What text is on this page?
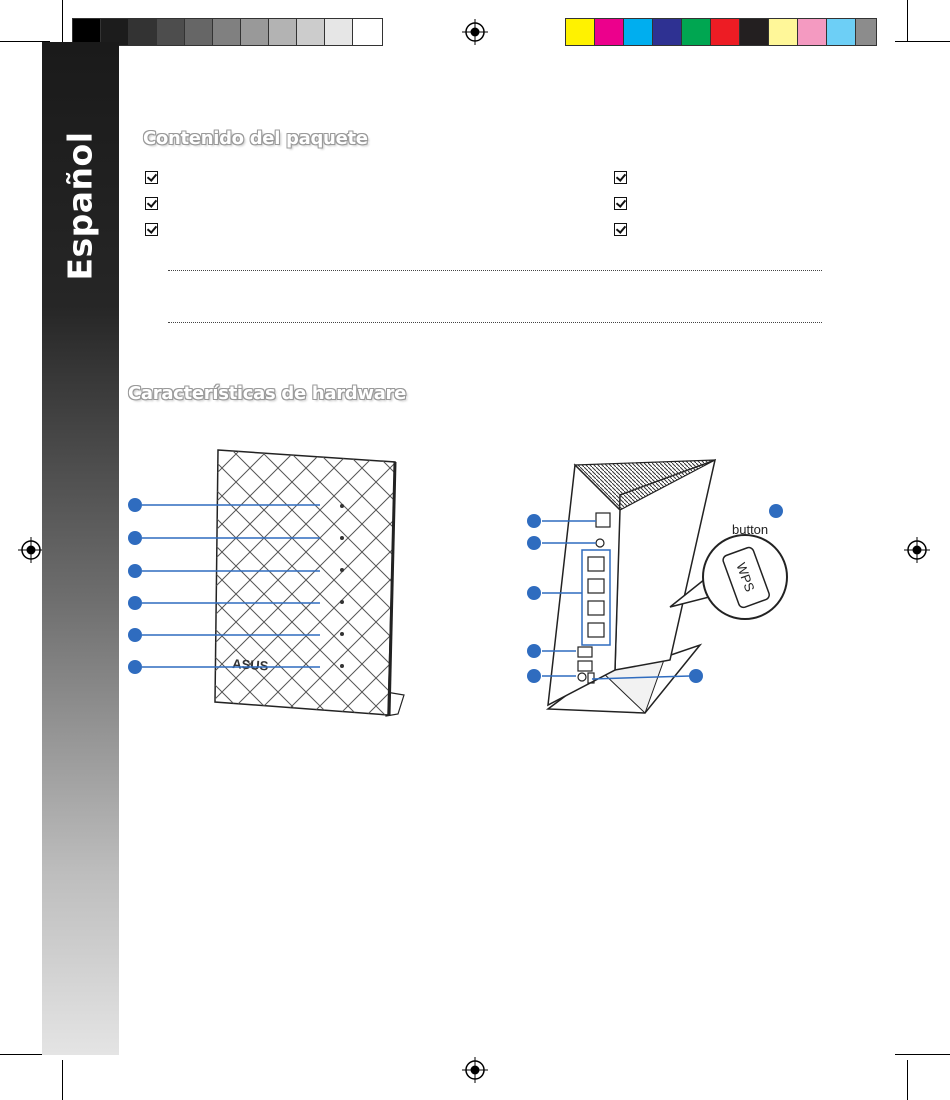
Español Contenido del paquete
Características de hardware
ASUS
WPS
button
